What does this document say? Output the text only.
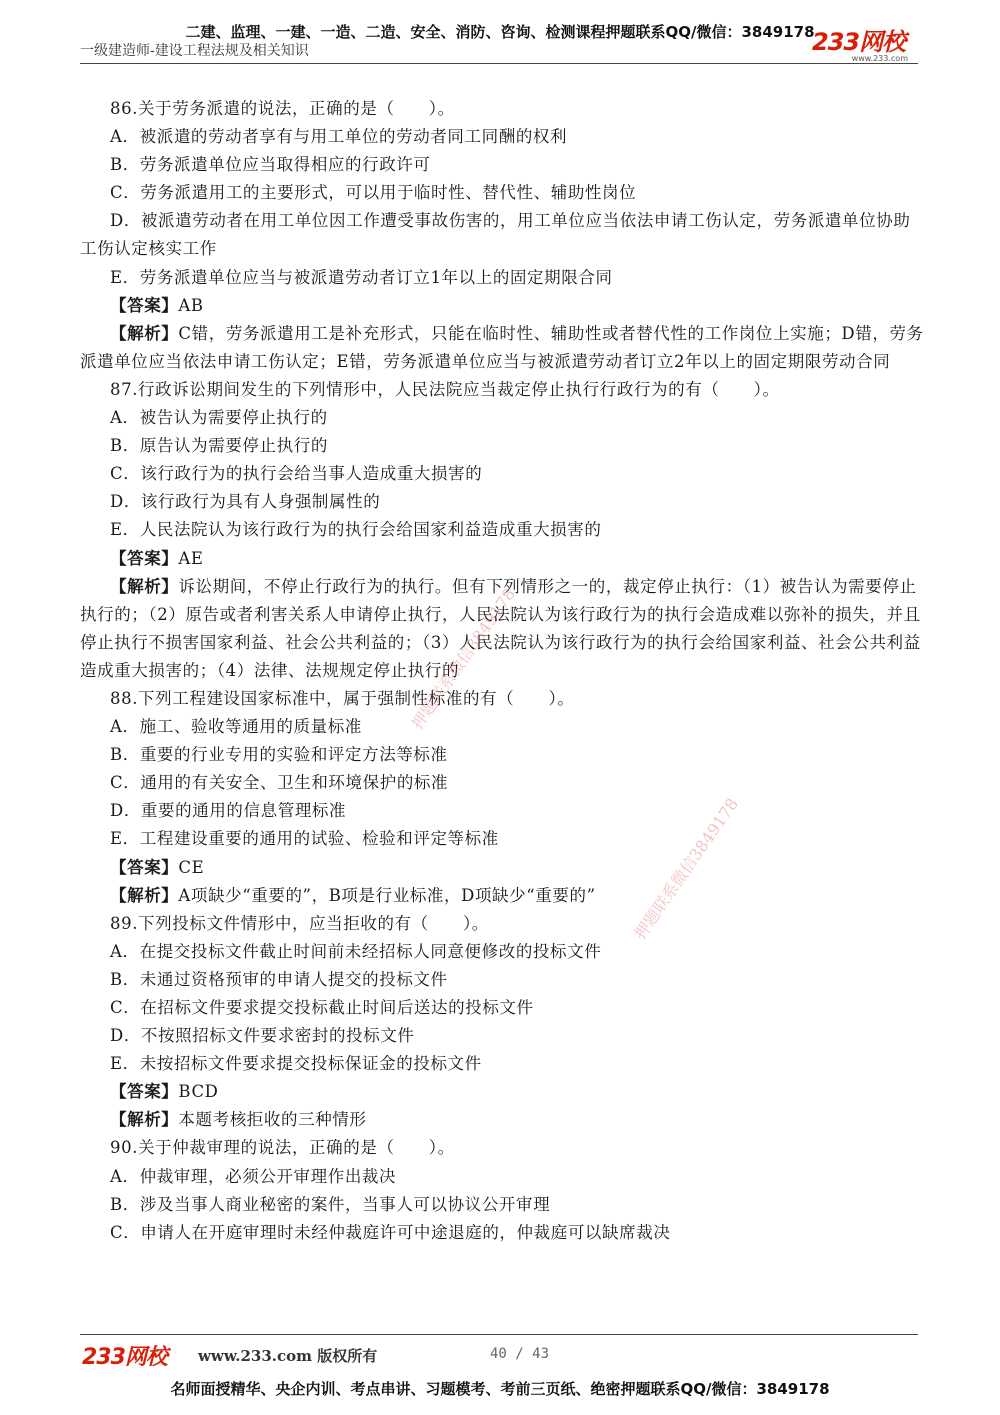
二建、监理、一建、一造、二造、安全、消防、咨询、检测课程押题联系QQ/微信：3849178
一级建造师-建设工程法规及相关知识	233网校
www.233.com
86.关于劳务派遣的说法，正确的是（　　）。
A．被派遣的劳动者享有与用工单位的劳动者同工同酬的权利
B．劳务派遣单位应当取得相应的行政许可
C．劳务派遣用工的主要形式，可以用于临时性、替代性、辅助性岗位
D．被派遣劳动者在用工单位因工作遭受事故伤害的，用工单位应当依法申请工伤认定，劳务派遣单位协助工伤认定核实工作
E．劳务派遣单位应当与被派遣劳动者订立1年以上的固定期限合同
【答案】AB
【解析】C错，劳务派遣用工是补充形式，只能在临时性、辅助性或者替代性的工作岗位上实施；D错，劳务派遣单位应当依法申请工伤认定；E错，劳务派遣单位应当与被派遣劳动者订立2年以上的固定期限劳动合同
87.行政诉讼期间发生的下列情形中，人民法院应当裁定停止执行行政行为的有（　　）。
A．被告认为需要停止执行的
B．原告认为需要停止执行的
C．该行政行为的执行会给当事人造成重大损害的
D．该行政行为具有人身强制属性的
E．人民法院认为该行政行为的执行会给国家利益造成重大损害的
【答案】AE
【解析】诉讼期间，不停止行政行为的执行。但有下列情形之一的，裁定停止执行：（1）被告认为需要停止执行的；（2）原告或者利害关系人申请停止执行，人民法院认为该行政行为的执行会造成难以弥补的损失，并且停止执行不损害国家利益、社会公共利益的；（3）人民法院认为该行政行为的执行会给国家利益、社会公共利益造成重大损害的；（4）法律、法规规定停止执行的
88.下列工程建设国家标准中，属于强制性标准的有（　　）。
A．施工、验收等通用的质量标准
B．重要的行业专用的实验和评定方法等标准
C．通用的有关安全、卫生和环境保护的标准
D．重要的通用的信息管理标准
E．工程建设重要的通用的试验、检验和评定等标准
【答案】CE
【解析】A项缺少“重要的”，B项是行业标准，D项缺少“重要的”
89.下列投标文件情形中，应当拒收的有（　　）。
A．在提交投标文件截止时间前未经招标人同意便修改的投标文件
B．未通过资格预审的申请人提交的投标文件
C．在招标文件要求提交投标截止时间后送达的投标文件
D．不按照招标文件要求密封的投标文件
E．未按招标文件要求提交投标保证金的投标文件
【答案】BCD
【解析】本题考核拒收的三种情形
90.关于仲裁审理的说法，正确的是（　　）。
A．仲裁审理，必须公开审理作出裁决
B．涉及当事人商业秘密的案件，当事人可以协议公开审理
C．申请人在开庭审理时未经仲裁庭许可中途退庭的，仲裁庭可以缺席裁决
押题联系微信3849178
押题联系微信3849178
233网校 www.233.com 版权所有	40 / 43
名师面授精华、央企内训、考点串讲、习题模考、考前三页纸、绝密押题联系QQ/微信：3849178
